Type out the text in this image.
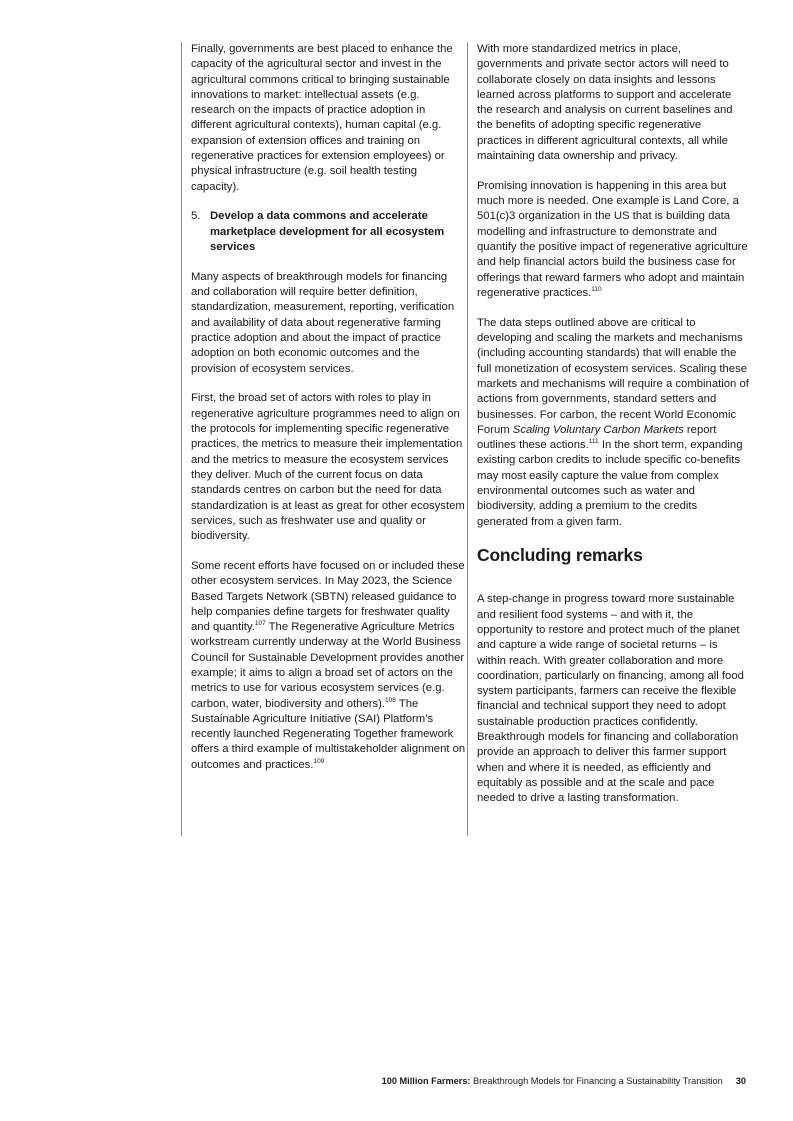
Finally, governments are best placed to enhance the capacity of the agricultural sector and invest in the agricultural commons critical to bringing sustainable innovations to market: intellectual assets (e.g. research on the impacts of practice adoption in different agricultural contexts), human capital (e.g. expansion of extension offices and training on regenerative practices for extension employees) or physical infrastructure (e.g. soil health testing capacity).

5. Develop a data commons and accelerate marketplace development for all ecosystem services

Many aspects of breakthrough models for financing and collaboration will require better definition, standardization, measurement, reporting, verification and availability of data about regenerative farming practice adoption and about the impact of practice adoption on both economic outcomes and the provision of ecosystem services.

First, the broad set of actors with roles to play in regenerative agriculture programmes need to align on the protocols for implementing specific regenerative practices, the metrics to measure their implementation and the metrics to measure the ecosystem services they deliver. Much of the current focus on data standards centres on carbon but the need for data standardization is at least as great for other ecosystem services, such as freshwater use and quality or biodiversity.

Some recent efforts have focused on or included these other ecosystem services. In May 2023, the Science Based Targets Network (SBTN) released guidance to help companies define targets for freshwater quality and quantity.$^{107}$ The Regenerative Agriculture Metrics workstream currently underway at the World Business Council for Sustainable Development provides another example; it aims to align a broad set of actors on the metrics to use for various ecosystem services (e.g. carbon, water, biodiversity and others).$^{108}$ The Sustainable Agriculture Initiative (SAI) Platform’s recently launched Regenerating Together framework offers a third example of multistakeholder alignment on outcomes and practices.$^{109}$

With more standardized metrics in place, governments and private sector actors will need to collaborate closely on data insights and lessons learned across platforms to support and accelerate the research and analysis on current baselines and the benefits of adopting specific regenerative practices in different agricultural contexts, all while maintaining data ownership and privacy.

Promising innovation is happening in this area but much more is needed. One example is Land Core, a 501(c)3 organization in the US that is building data modelling and infrastructure to demonstrate and quantify the positive impact of regenerative agriculture and help financial actors build the business case for offerings that reward farmers who adopt and maintain regenerative practices.$^{110}$

The data steps outlined above are critical to developing and scaling the markets and mechanisms (including accounting standards) that will enable the full monetization of ecosystem services. Scaling these markets and mechanisms will require a combination of actions from governments, standard setters and businesses. For carbon, the recent World Economic Forum Scaling Voluntary Carbon Markets report outlines these actions.$^{111}$ In the short term, expanding existing carbon credits to include specific co-benefits may most easily capture the value from complex environmental outcomes such as water and biodiversity, adding a premium to the credits generated from a given farm.

Concluding remarks

A step-change in progress toward more sustainable and resilient food systems – and with it, the opportunity to restore and protect much of the planet and capture a wide range of societal returns – is within reach. With greater collaboration and more coordination, particularly on financing, among all food system participants, farmers can receive the flexible financial and technical support they need to adopt sustainable production practices confidently. Breakthrough models for financing and collaboration provide an approach to deliver this farmer support when and where it is needed, as efficiently and equitably as possible and at the scale and pace needed to drive a lasting transformation.

100 Million Farmers: Breakthrough Models for Financing a Sustainability Transition 30
